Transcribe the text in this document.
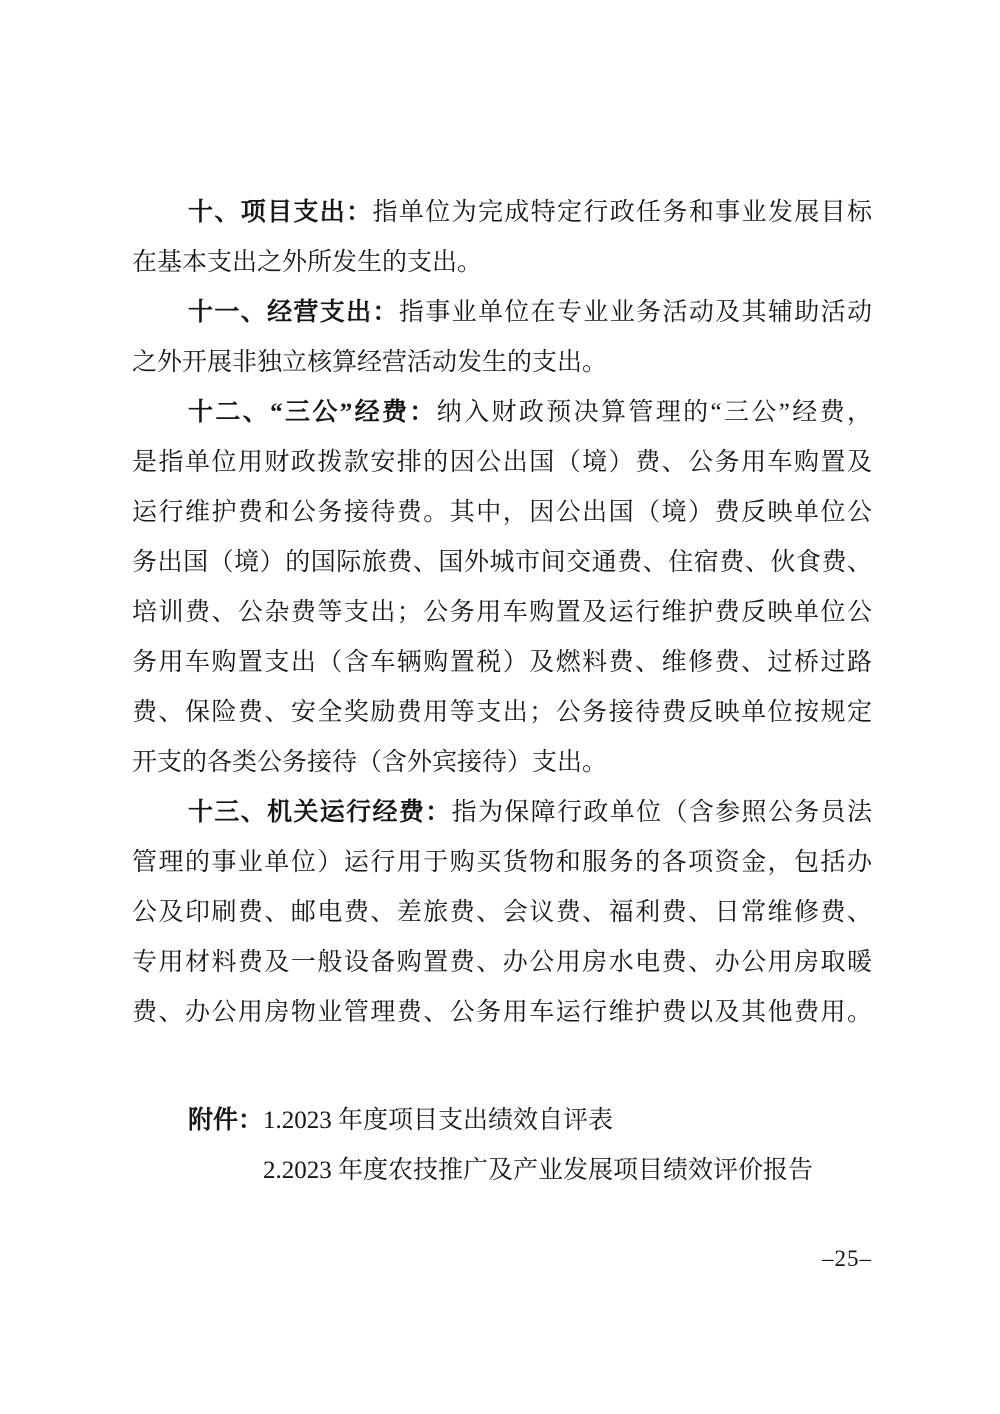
十、项目支出：指单位为完成特定行政任务和事业发展目标
在基本支出之外所发生的支出。
十一、经营支出：指事业单位在专业业务活动及其辅助活动
之外开展非独立核算经营活动发生的支出。
十二、“三公”经费：纳入财政预决算管理的“三公”经费，
是指单位用财政拨款安排的因公出国（境）费、公务用车购置及
运行维护费和公务接待费。其中，因公出国（境）费反映单位公
务出国（境）的国际旅费、国外城市间交通费、住宿费、伙食费、
培训费、公杂费等支出；公务用车购置及运行维护费反映单位公
务用车购置支出（含车辆购置税）及燃料费、维修费、过桥过路
费、保险费、安全奖励费用等支出；公务接待费反映单位按规定
开支的各类公务接待（含外宾接待）支出。
十三、机关运行经费：指为保障行政单位（含参照公务员法
管理的事业单位）运行用于购买货物和服务的各项资金，包括办
公及印刷费、邮电费、差旅费、会议费、福利费、日常维修费、
专用材料费及一般设备购置费、办公用房水电费、办公用房取暖
费、办公用房物业管理费、公务用车运行维护费以及其他费用。
附件：1.2023 年度项目支出绩效自评表
2.2023 年度农技推广及产业发展项目绩效评价报告
–25–
